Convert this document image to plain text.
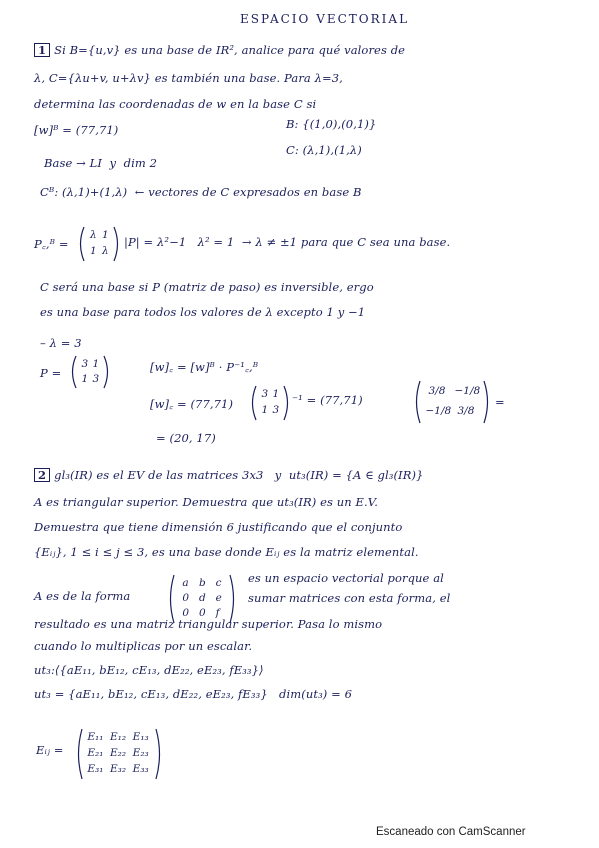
ESPACIO VECTORIAL
1 Si B={u,v} es una base de IR², analice para qué valores de
λ, C={λu+v, u+λv} es también una base. Para λ=3,
determina las coordenadas de w en la base C si
[w]ᴮ = (77,71)	B: {(1,0),(0,1)}
C: (λ,1),(1,λ)
Base → LI  y  dim 2
Cᴮ: (λ,1)+(1,λ)  ← vectores de C expresados en base B
P꜀,ᴮ =
λ 1
1 λ
|P| = λ²−1   λ² = 1  → λ ≠ ±1 para que C sea una base.
C será una base si P (matriz de paso) es inversible, ergo
es una base para todos los valores de λ excepto 1 y −1
– λ = 3
P =
3 1
1 3
[w]꜀ = [w]ᴮ · P⁻¹꜀,ᴮ
[w]꜀ = (77,71)
3 1
1 3
⁻¹ = (77,71)
3/8 −1/8
−1/8 3/8
=
= (20, 17)
2 gl₃(IR) es el EV de las matrices 3x3   y  ut₃(IR) = {A ∈ gl₃(IR)}
A es triangular superior. Demuestra que ut₃(IR) es un E.V.
Demuestra que tiene dimensión 6 justificando que el conjunto
{Eᵢⱼ}, 1 ≤ i ≤ j ≤ 3, es una base donde Eᵢⱼ es la matriz elemental.
A es de la forma
a b c
0 d e
0 0 f
es un espacio vectorial porque al
sumar matrices con esta forma, el
resultado es una matriz triangular superior. Pasa lo mismo
cuando lo multiplicas por un escalar.
ut₃:⟨{aE₁₁, bE₁₂, cE₁₃, dE₂₂, eE₂₃, fE₃₃}⟩
ut₃ = {aE₁₁, bE₁₂, cE₁₃, dE₂₂, eE₂₃, fE₃₃}   dim(ut₃) = 6
Eᵢⱼ =
E₁₁ E₁₂ E₁₃
E₂₁ E₂₂ E₂₃
E₃₁ E₃₂ E₃₃
Escaneado con CamScanner
